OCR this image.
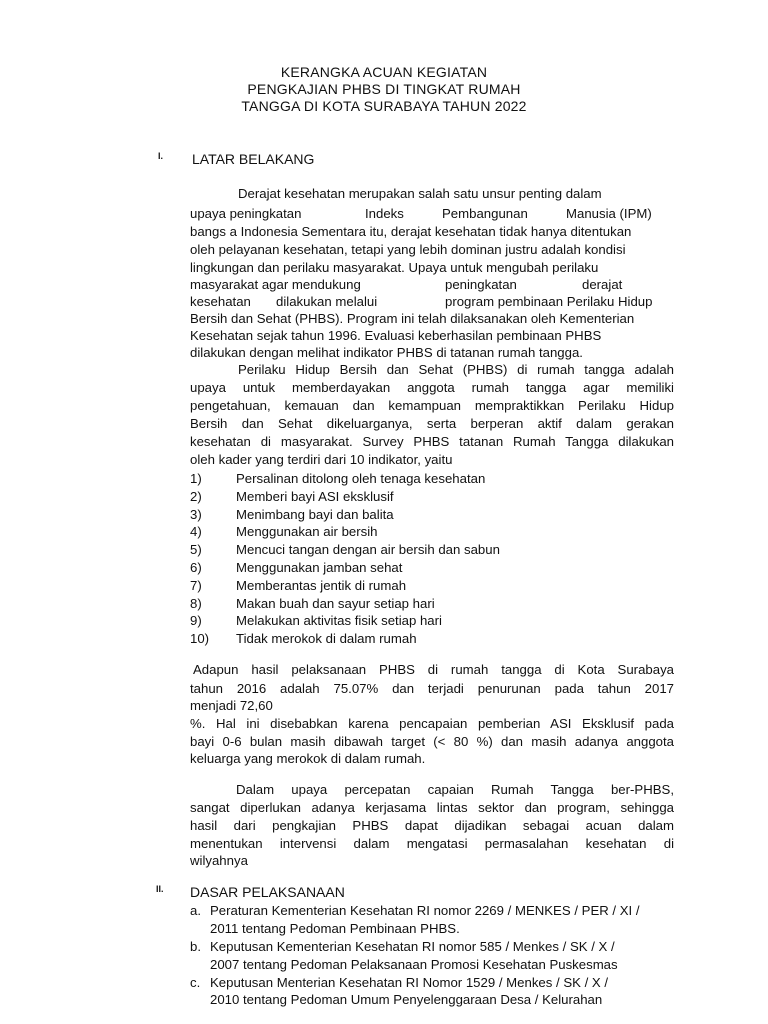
KERANGKA ACUAN KEGIATAN
PENGKAJIAN PHBS DI TINGKAT RUMAH
TANGGA DI KOTA SURABAYA TAHUN 2022
I. LATAR BELAKANG
Derajat kesehatan merupakan salah satu unsur penting dalam
upaya peningkatan	Indeks	Pembangunan	Manusia (IPM)
bangs a Indonesia Sementara itu, derajat kesehatan tidak hanya ditentukan
oleh pelayanan kesehatan, tetapi yang lebih dominan justru adalah kondisi
lingkungan dan perilaku masyarakat. Upaya untuk mengubah perilaku
masyarakat agar mendukung	peningkatan	derajat
kesehatan dilakukan melalui	program pembinaan Perilaku Hidup
Bersih dan Sehat (PHBS). Program ini telah dilaksanakan oleh Kementerian
Kesehatan sejak tahun 1996. Evaluasi keberhasilan pembinaan PHBS
dilakukan dengan melihat indikator PHBS di tatanan rumah tangga.
Perilaku Hidup Bersih dan Sehat (PHBS) di rumah tangga adalah
upaya untuk memberdayakan anggota rumah tangga agar memiliki
pengetahuan, kemauan dan kemampuan mempraktikkan Perilaku Hidup
Bersih dan Sehat dikeluarganya, serta berperan aktif dalam gerakan
kesehatan di masyarakat. Survey PHBS tatanan Rumah Tangga dilakukan
oleh kader yang terdiri dari 10 indikator, yaitu
1)	Persalinan ditolong oleh tenaga kesehatan
2)	Memberi bayi ASI eksklusif
3)	Menimbang bayi dan balita
4)	Menggunakan air bersih
5)	Mencuci tangan dengan air bersih dan sabun
6)	Menggunakan jamban sehat
7)	Memberantas jentik di rumah
8)	Makan buah dan sayur setiap hari
9)	Melakukan aktivitas fisik setiap hari
10) Tidak merokok di dalam rumah
Adapun hasil pelaksanaan PHBS di rumah tangga di Kota Surabaya
tahun 2016 adalah 75.07% dan terjadi penurunan pada tahun 2017
menjadi 72,60
%. Hal ini disebabkan karena pencapaian pemberian ASI Eksklusif pada
bayi 0-6 bulan masih dibawah target (< 80 %) dan masih adanya anggota
keluarga yang merokok di dalam rumah.
Dalam upaya percepatan capaian Rumah Tangga ber-PHBS,
sangat diperlukan adanya kerjasama lintas sektor dan program, sehingga
hasil dari pengkajian PHBS dapat dijadikan sebagai acuan dalam
menentukan intervensi dalam mengatasi permasalahan kesehatan di
wilyahnya
II. DASAR PELAKSANAAN
a. Peraturan Kementerian Kesehatan RI nomor 2269 / MENKES / PER / XI /
2011 tentang Pedoman Pembinaan PHBS.
b. Keputusan Kementerian Kesehatan RI nomor 585 / Menkes / SK / X /
2007 tentang Pedoman Pelaksanaan Promosi Kesehatan Puskesmas
c. Keputusan Menterian Kesehatan RI Nomor 1529 / Menkes / SK / X /
2010 tentang Pedoman Umum Penyelenggaraan Desa / Kelurahan
